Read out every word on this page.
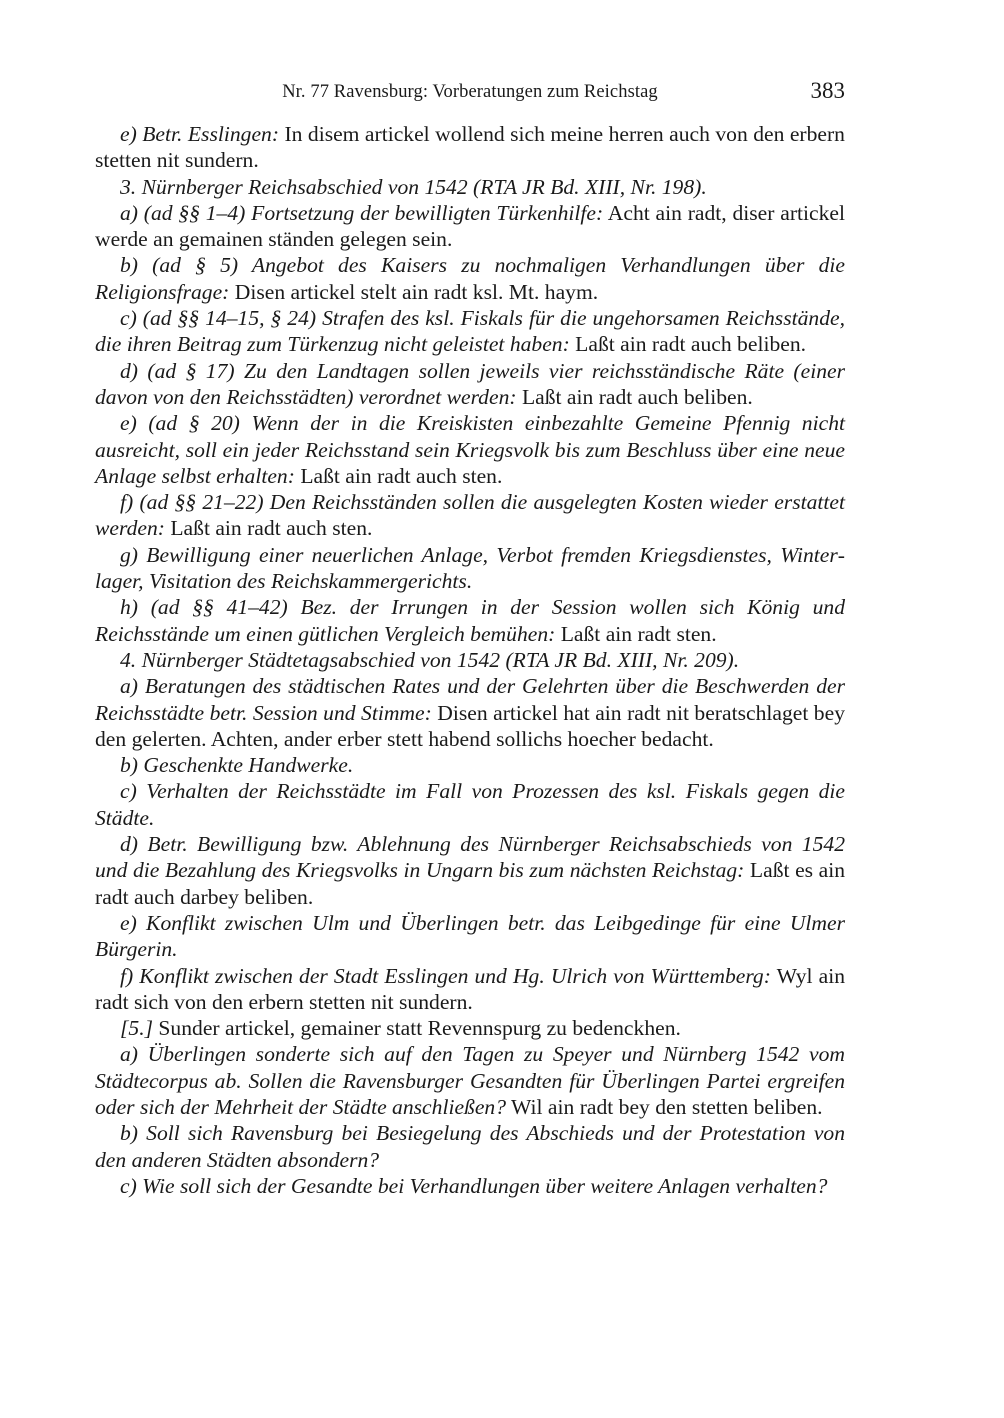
Nr. 77 Ravensburg: Vorberatungen zum Reichstag	383

e) Betr. Esslingen: In disem artickel wollend sich meine herren auch von den erbern stetten nit sundern.

3. Nürnberger Reichsabschied von 1542 (RTA JR Bd. XIII, Nr. 198).

a) (ad §§ 1–4) Fortsetzung der bewilligten Türkenhilfe: Acht ain radt, diser artickel werde an gemainen ständen gelegen sein.

b) (ad § 5) Angebot des Kaisers zu nochmaligen Verhandlungen über die Religionsfrage: Disen artickel stelt ain radt ksl. Mt. haym.

c) (ad §§ 14–15, § 24) Strafen des ksl. Fiskals für die ungehorsamen Reichsstände, die ihren Beitrag zum Türkenzug nicht geleistet haben: Laßt ain radt auch beliben.

d) (ad § 17) Zu den Landtagen sollen jeweils vier reichsständische Räte (einer davon von den Reichsstädten) verordnet werden: Laßt ain radt auch beliben.

e) (ad § 20) Wenn der in die Kreiskisten einbezahlte Gemeine Pfennig nicht ausreicht, soll ein jeder Reichsstand sein Kriegsvolk bis zum Beschluss über eine neue Anlage selbst erhalten: Laßt ain radt auch sten.

f) (ad §§ 21–22) Den Reichsständen sollen die ausgelegten Kosten wieder erstattet werden: Laßt ain radt auch sten.

g) Bewilligung einer neuerlichen Anlage, Verbot fremden Kriegsdienstes, Winterlager, Visitation des Reichskammergerichts.

h) (ad §§ 41–42) Bez. der Irrungen in der Session wollen sich König und Reichsstände um einen gütlichen Vergleich bemühen: Laßt ain radt sten.

4. Nürnberger Städtetagsabschied von 1542 (RTA JR Bd. XIII, Nr. 209).

a) Beratungen des städtischen Rates und der Gelehrten über die Beschwerden der Reichsstädte betr. Session und Stimme: Disen artickel hat ain radt nit beratschlaget bey den gelerten. Achten, ander erber stett habend sollichs hoecher bedacht.

b) Geschenkte Handwerke.

c) Verhalten der Reichsstädte im Fall von Prozessen des ksl. Fiskals gegen die Städte.

d) Betr. Bewilligung bzw. Ablehnung des Nürnberger Reichsabschieds von 1542 und die Bezahlung des Kriegsvolks in Ungarn bis zum nächsten Reichstag: Laßt es ain radt auch darbey beliben.

e) Konflikt zwischen Ulm und Überlingen betr. das Leibgedinge für eine Ulmer Bürgerin.

f) Konflikt zwischen der Stadt Esslingen und Hg. Ulrich von Württemberg: Wyl ain radt sich von den erbern stetten nit sundern.

[5.] Sunder artickel, gemainer statt Revennspurg zu bedenckhen.

a) Überlingen sonderte sich auf den Tagen zu Speyer und Nürnberg 1542 vom Städtecorpus ab. Sollen die Ravensburger Gesandten für Überlingen Partei ergreifen oder sich der Mehrheit der Städte anschließen? Wil ain radt bey den stetten beliben.

b) Soll sich Ravensburg bei Besiegelung des Abschieds und der Protestation von den anderen Städten absondern?

c) Wie soll sich der Gesandte bei Verhandlungen über weitere Anlagen verhalten?
